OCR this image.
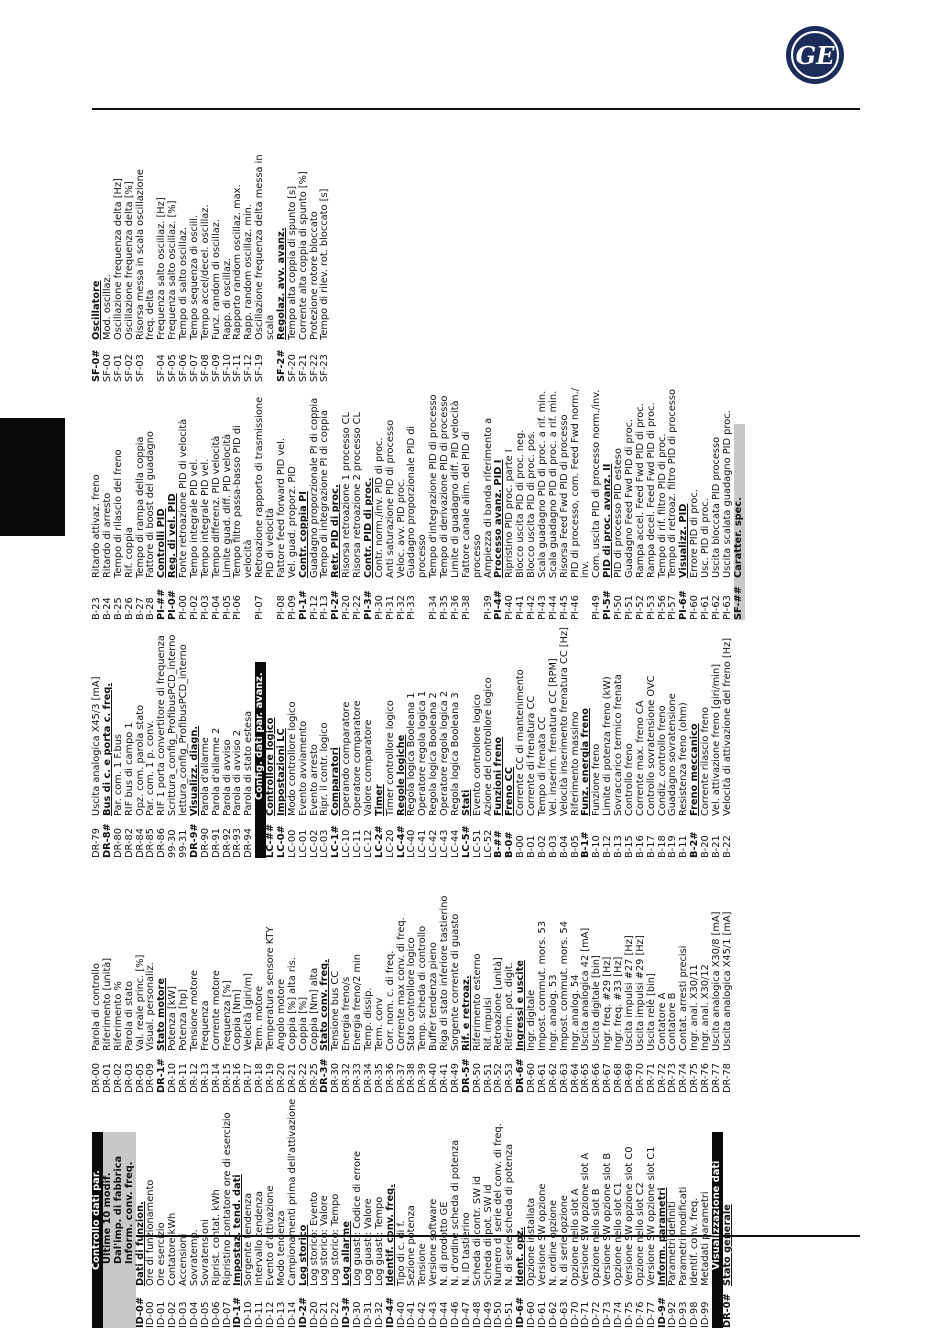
GE
Controllo dati par. Ultime 10 modif. Dal'imp. di fabbrica Inform. conv. freq.
ID-0#
Dati di funzion.
ID-00
Ore di funzionamento
ID-01
Ore esercizio
ID-02
Contatore kWh
ID-03
Accensioni
ID-04
Sovratemp.
ID-05
Sovratensioni
ID-06
Riprist. contat. kWh
ID-07
Ripristino contatore ore di esercizio
ID-1#
Impostaz. tend. dati
ID-10
Sorgente tendenza
ID-11
Intervallo tendenza
ID-12
Evento d'attivazione
ID-13
Modo tendenza
ID-14
Campionamenti prima dell'attivazione
ID-2#
Log storico
ID-20
Log storico: Evento
ID-21
Log storico: Valore
ID-22
Log storico: Tempo
ID-3#
Log allarme
ID-30
Log guasti: Codice di errore
ID-31
Log guasti: Valore
ID-32
Log guasti: Tempo
ID-4#
Identif. conv. freq.
ID-40
Tipo di c. di f.
ID-41
Sezione potenza
ID-42
Tensione
ID-43
Versione software
ID-44
N. di prodotto GE
ID-46
N. d'ordine scheda di potenza
ID-47
N. ID tastierino
ID-48
Scheda di contr. SW id
ID-49
Scheda di pot. SW id
ID-50
Numero di serie del conv. di freq.
ID-51
N. di serie scheda di potenza
ID-6#
Ident. opz.
ID-60
Opzione installata
ID-61
Versione SW opzione
ID-62
N. ordine opzione
ID-63
N. di serie opzione
ID-70
Opzione nello slot A
ID-71
Versione SW opzione slot A
ID-72
Opzione nello slot B
ID-73
Versione SW opzione slot B
ID-74
Opzione nello slot C1
ID-75
Versione SW opzione slot C0
ID-76
Opzione nello slot C2
ID-77
Versione SW opzione slot C1
ID-9#
Inform. parametri
ID-92
Parametri definiti
ID-93
Parametri modificati
ID-98
Identif. conv. freq.
ID-99
Metadati parametri Visualizzazione dati
DR-0#
Stato generale
DR-00
Parola di controllo
DR-01
Riferimento [unità]
DR-02
Riferimento %
DR-03
Parola di stato
DR-05
Val. reale princ. [%]
DR-09
Visual. personaliz.
DR-1#
Stato motore
DR-10
Potenza [kW]
DR-11
Potenza [hp]
DR-12
Tensione motore
DR-13
Frequenza
DR-14
Corrente motore
DR-15
Frequenza [%]
DR-16
Coppia [Nm]
DR-17
Velocità [giri/m]
DR-18
Term. motore
DR-19
Temperatura sensore KTY
DR-20
Angolo motore
DR-21
Coppia [%] alta ris.
DR-22
Coppia [%]
DR-25
Coppia [Nm] alta
DR-3#
Stato conv. freq.
DR-30
Tensione bus CC
DR-32
Energia freno/s
DR-33
Energia freno/2 min
DR-34
Temp. dissip.
DR-35
Term. conv
DR-36
Corr. nom. c. di freq.
DR-37
Corrente max conv. di freq.
DR-38
Stato controllore logico
DR-39
Temp. scheda di controllo
DR-40
Buffer tendenza pieno
DR-41
Riga di stato inferiore tastierino
DR-49
Sorgente corrente di guasto
DR-5#
Rif. e retroaz.
DR-50
Riferimento esterno
DR-51
Rif. impulsi
DR-52
Retroazione [unità]
DR-53
Riferim. pot. digit.
DR-6#
Ingressi e uscite
DR-60
Ingr. digitale
DR-61
Impost. commut. mors. 53
DR-62
Ingr. analog. 53
DR-63
Impost. commut. mors. 54
DR-64
Ingr. analog. 54
DR-65
Uscita analogica 42 [mA]
DR-66
Uscita digitale [bin]
DR-67
Ingr. freq. #29 [Hz]
DR-68
Ingr. freq. #33 [Hz]
DR-69
Uscita impulsi #27 [Hz]
DR-70
Uscita impulsi #29 [Hz]
DR-71
Uscita relè [bin]
DR-72
Contatore A
DR-73
Contatore B
DR-74
Contat. arresti precisi
DR-75
Ingr. anal. X30/11
DR-76
Ingr. anal. X30/12
DR-77
Uscita analogica X30/8 [mA]
DR-78
Uscita analogica X45/1 [mA]
DR-79
Uscita analogica X45/3 [mA]
DR-8#
Bus di c. e porta c. freq.
DR-80
Par. com. 1 F.bus
DR-82
RIF bus di campo 1
DR-84
Opz. com. parola stato
DR-85
Par. com. 1 p. conv.
DR-86
RIF 1 porta convertitore di frequenza
99-30
Scrittura_config_ProfibusPCD_interno
99-31
lettura_config_ProfibusPCD_interno
DR-9#
Visualizz. diagn.
DR-90
Parola d'allarme
DR-91
Parola d'allarme 2
DR-92
Parola di avviso
DR-93
Parola di avviso 2
DR-94
Parola di stato estesa Config. dati par. avanz.
LC-##
Controllore logico
LC-0#
Impostazioni LC
LC-00
Modo controllore logico
LC-01
Evento avviamento
LC-02
Evento arresto
LC-03
Ripr. il contr. logico
LC-1#
Comparatori
LC-10
Operando comparatore
LC-11
Operatore comparatore
LC-12
Valore comparatore
LC-2#
Timer
LC-20
Timer controllore logico
LC-4#
Regole logiche
LC-40
Regola logica Booleana 1
LC-41
Operatore regola logica 1
LC-42
Regola logica Booleana 2
LC-43
Operatore regola logica 2
LC-44
Regola logica Booleana 3
LC-5#
Stati
LC-51
Evento controllore logico
LC-52
Azione del controllore logico
B-##
Funzioni freno
B-0#
Freno CC
B-00
Corrente CC di mantenimento
B-01
Corrente di frenatura CC
B-02
Tempo di frenata CC
B-03
Vel. inserim. frenatura CC [RPM]
B-04
Velocità inserimento frenatura CC [Hz]
B-05
Riferimento massimo
B-1#
Funz. energia freno
B-10
Funzione freno
B-12
Limite di potenza freno (kW)
B-13
Sovraccarico termico frenata
B-15
Controllo freno
B-16
Corrente max. freno CA
B-17
Controllo sovratensione OVC
B-18
Condiz. controllo freno
B-19
Guadagno sovratensione
B-11
Resistenza freno (ohm)
B-2#
Freno meccanico
B-20
Corrente rilascio freno
B-21
Vel. attivazione freno [giri/min]
B-22
Velocità di attivazione del freno [Hz]
B-23
Ritardo attivaz. freno
B-24
Ritardo di arresto
B-25
Tempo di rilascio del freno
B-26
Rif. coppia
B-27
Tempo di rampa della coppia
B-28
Fattore di boost del guadagno
PI-##
Controlli PID
PI-0#
Reg. di vel. PID
PI-00
Fonte retroazione PID di velocità
PI-02
Tempo integrale PID vel.
PI-03
Tempo integrale PID vel.
PI-04
Tempo differenz. PID velocità
PI-05
Limite guad. diff. PID velocità
PI-06
Tempo filtro passa-basso PID di velocità
PI-07
Retroazione rapporto di trasmissione PID di velocità
PI-08
Fattore feed forward PID vel.
PI-09
Vel. guad. proporz. PID
PI-1#
Contr. coppia PI
PI-12
Guadagno proporzionale PI di coppia
PI-13
Tempo di integrazione PI di coppia
PI-2#
Retr. PID di proc.
PI-20
Risorsa retroazione 1 processo CL
PI-22
Risorsa retroazione 2 processo CL
PI-3#
Contr. PID di proc.
PI-30
Contr. norm./inv. PID di proc.
PI-31
Anti saturazione PID di processo
PI-32
Veloc. avv. PID proc.
PI-33
Guadagno proporzionale PID di processo
PI-34
Tempo d'integrazione PID di processo
PI-35
Tempo di derivazione PID di processo
PI-36
Limite di guadagno diff. PID velocità
PI-38
Fattore canale alim. del PID di processo
PI-39
Ampiezza di banda riferimento a
PI-4#
Processo avanz. PID I
PI-40
Ripristino PID proc. parte I
PI-41
Blocco uscita PID di proc. neg.
PI-42
Blocco uscita PID di proc. pos.
PI-43
Scala guadagno PID di proc. a rif. min.
PI-44
Scala guadagno PID di proc. a rif. min.
PI-45
Risorsa Feed Fwd PID di processo
PI-46
PID di processo, com. Feed Fwd norm./ inv.
PI-49
Com. uscita PID di processo norm./inv.
PI-5#
PID di proc. avanz. II
PI-50
PID di processo PID esteso
PI-51
Guadagno Feed Fwd PID di proc.
PI-52
Rampa accel. Feed Fwd PID di proc.
PI-53
Rampa decel. Feed Fwd PID di proc.
PI-56
Tempo di rif. filtro PID di proc.
PI-57
Tempo di retroaz. filtro PID di processo
PI-6#
Visualizz. PID
PI-60
Errore PID di proc.
PI-61
Usc. PID di proc.
PI-62
Uscita bloccata PID processo
PI-63
Uscita scalata guadagno PID proc.
SF-##
Caratter. spec.
SF-0#
Oscillatore
SF-00
Mod. oscillaz.
SF-01
Oscillazione frequenza delta [Hz]
SF-02
Oscillazione frequenza delta [%]
SF-03
Risorsa messa in scala oscillazione freq. delta
SF-04
Frequenza salto oscillaz. [Hz]
SF-05
Frequenza salto oscillaz. [%]
SF-06
Tempo di salto oscillaz.
SF-07
Tempo sequenza di oscill.
SF-08
Tempo accel/decel. oscillaz.
SF-09
Funz. random di oscillaz.
SF-10
Rapp. di oscillaz.
SF-11
Rapporto random oscillaz. max.
SF-12
Rapp. random oscillaz. min.
SF-19
Oscillazione frequenza delta messa in scala
SF-2#
Regolaz. avv. avanz.
SF-20
Tempo alta coppia di spunto [s]
SF-21
Corrente alta coppia di spunto [%]
SF-22
Protezione rotore bloccato
SF-23
Tempo di rilev. rot. bloccato [s]
